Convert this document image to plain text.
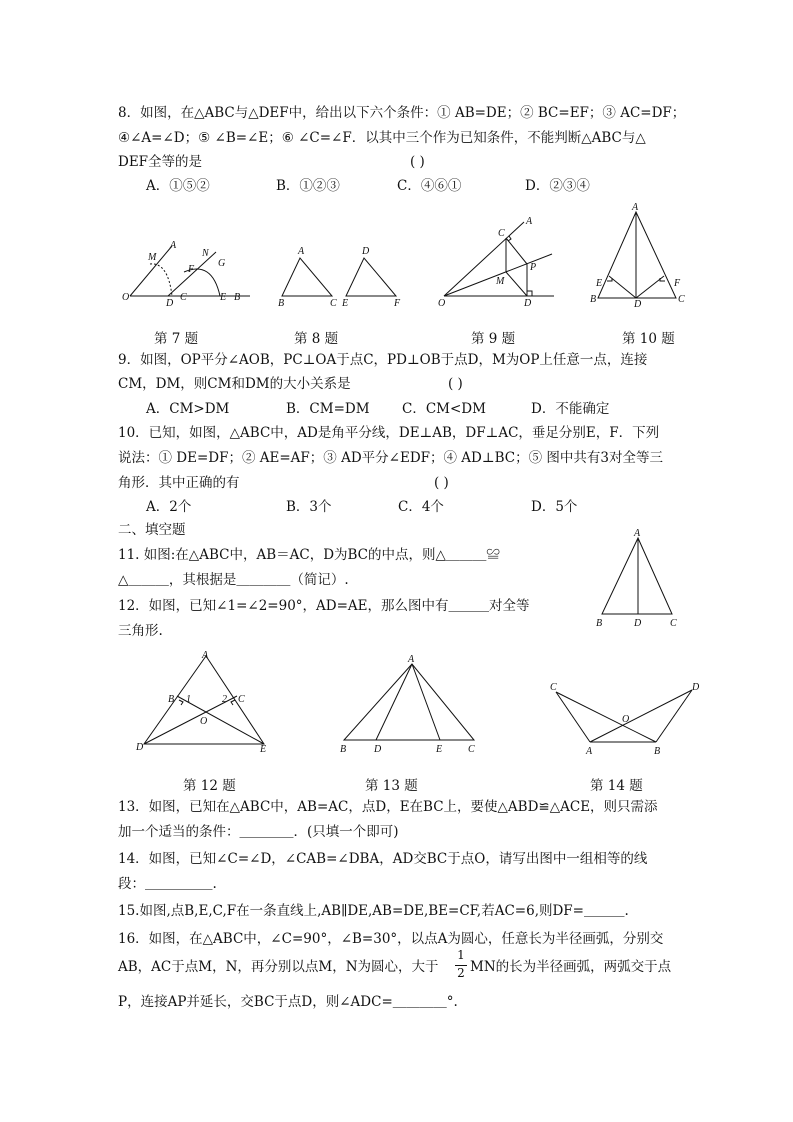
8．如图，在△ABC与△DEF中，给出以下六个条件：① AB=DE；② BC=EF；③ AC=DF；
④∠A=∠D；⑤ ∠B=∠E；⑥ ∠C=∠F．以其中三个作为已知条件，不能判断△ABC与△
DEF全等的是	( )
A．①⑤②	B．①②③	C．④⑥①	D．②③④
M
A
N
G
F
O
D
C	E B
A	D
B	C E	F
A
C
P
M
O	D
A
E	F
B	D	C
第 7 题	第 8 题	第 9 题	第 10 题
9．如图，OP平分∠AOB，PC⊥OA于点C，PD⊥OB于点D，M为OP上任意一点，连接
CM，DM，则CM和DM的大小关系是	( )
A．CM>DM	B．CM=DM C．CM<DM	D．不能确定
10．已知，如图，△ABC中，AD是角平分线，DE⊥AB，DF⊥AC，垂足分别E，F．下列
说法：① DE=DF；② AE=AF；③ AD平分∠EDF；④ AD⊥BC；⑤ 图中共有3对全等三
角形．其中正确的有	( )
A．2个	B．3个	C．4个	D．5个
二、填空题
11. 如图:在△ABC中，AB＝AC，D为BC的中点，则△＿＿＿≌
△＿＿＿，其根据是＿＿＿＿（简记）.
A
B	D	C
12．如图，已知∠1=∠2=90°，AD=AE，那么图中有＿＿＿对全等
三角形.
A
B 1	2 C
O
D	E
A
B	D	E	C
C	D
O
A	B
第 12 题	第 13 题	第 14 题
13．如图，已知在△ABC中，AB=AC，点D，E在BC上，要使△ABD≌△ACE，则只需添
加一个适当的条件：＿＿＿＿．(只填一个即可)
14．如图，已知∠C=∠D，∠CAB=∠DBA，AD交BC于点O，请写出图中一组相等的线
段：＿＿＿＿＿.
15.如图,点B,E,C,F在一条直线上,AB∥DE,AB=DE,BE=CF,若AC=6,则DF=＿＿＿.
16．如图，在△ABC中，∠C=90°，∠B=30°，以点A为圆心，任意长为半径画弧，分别交
AB，AC于点M，N，再分别以点M，N为圆心，大于
1
2 MN的长为半径画弧，两弧交于点
P，连接AP并延长，交BC于点D，则∠ADC=＿＿＿＿°.
